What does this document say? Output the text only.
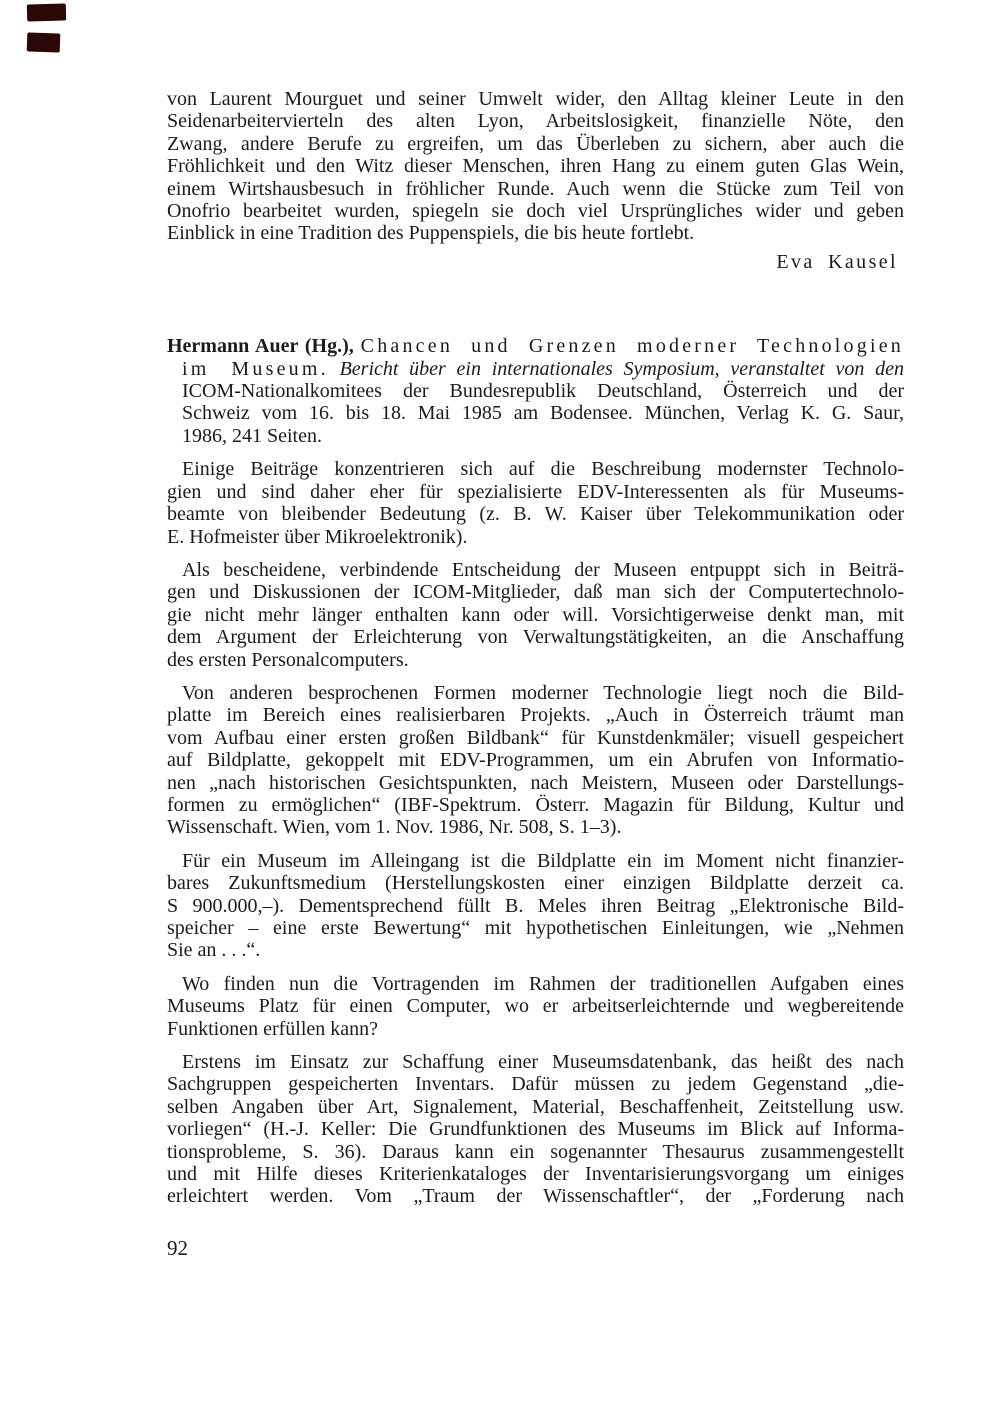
von Laurent Mourguet und seiner Umwelt wider, den Alltag kleiner Leute in den
Seidenarbeitervierteln des alten Lyon, Arbeitslosigkeit, finanzielle Nöte, den
Zwang, andere Berufe zu ergreifen, um das Überleben zu sichern, aber auch die
Fröhlichkeit und den Witz dieser Menschen, ihren Hang zu einem guten Glas Wein,
einem Wirtshausbesuch in fröhlicher Runde. Auch wenn die Stücke zum Teil von
Onofrio bearbeitet wurden, spiegeln sie doch viel Ursprüngliches wider und geben
Einblick in eine Tradition des Puppenspiels, die bis heute fortlebt.
Eva Kausel
Hermann Auer (Hg.), Chancen und Grenzen moderner Technologien
im Museum. Bericht über ein internationales Symposium, veranstaltet von den
ICOM-Nationalkomitees der Bundesrepublik Deutschland, Österreich und der
Schweiz vom 16. bis 18. Mai 1985 am Bodensee. München, Verlag K. G. Saur,
1986, 241 Seiten.
Einige Beiträge konzentrieren sich auf die Beschreibung modernster Technolo-
gien und sind daher eher für spezialisierte EDV-Interessenten als für Museums-
beamte von bleibender Bedeutung (z. B. W. Kaiser über Telekommunikation oder
E. Hofmeister über Mikroelektronik).
Als bescheidene, verbindende Entscheidung der Museen entpuppt sich in Beiträ-
gen und Diskussionen der ICOM-Mitglieder, daß man sich der Computertechnolo-
gie nicht mehr länger enthalten kann oder will. Vorsichtigerweise denkt man, mit
dem Argument der Erleichterung von Verwaltungstätigkeiten, an die Anschaffung
des ersten Personalcomputers.
Von anderen besprochenen Formen moderner Technologie liegt noch die Bild-
platte im Bereich eines realisierbaren Projekts. „Auch in Österreich träumt man
vom Aufbau einer ersten großen Bildbank“ für Kunstdenkmäler; visuell gespeichert
auf Bildplatte, gekoppelt mit EDV-Programmen, um ein Abrufen von Informatio-
nen „nach historischen Gesichtspunkten, nach Meistern, Museen oder Darstellungs-
formen zu ermöglichen“ (IBF-Spektrum. Österr. Magazin für Bildung, Kultur und
Wissenschaft. Wien, vom 1. Nov. 1986, Nr. 508, S. 1–3).
Für ein Museum im Alleingang ist die Bildplatte ein im Moment nicht finanzier-
bares Zukunftsmedium (Herstellungskosten einer einzigen Bildplatte derzeit ca.
S 900.000,–). Dementsprechend füllt B. Meles ihren Beitrag „Elektronische Bild-
speicher – eine erste Bewertung“ mit hypothetischen Einleitungen, wie „Nehmen
Sie an . . .“.
Wo finden nun die Vortragenden im Rahmen der traditionellen Aufgaben eines
Museums Platz für einen Computer, wo er arbeitserleichternde und wegbereitende
Funktionen erfüllen kann?
Erstens im Einsatz zur Schaffung einer Museumsdatenbank, das heißt des nach
Sachgruppen gespeicherten Inventars. Dafür müssen zu jedem Gegenstand „die-
selben Angaben über Art, Signalement, Material, Beschaffenheit, Zeitstellung usw.
vorliegen“ (H.-J. Keller: Die Grundfunktionen des Museums im Blick auf Informa-
tionsprobleme, S. 36). Daraus kann ein sogenannter Thesaurus zusammengestellt
und mit Hilfe dieses Kriterienkataloges der Inventarisierungsvorgang um einiges
erleichtert werden. Vom „Traum der Wissenschaftler“, der „Forderung nach
92
